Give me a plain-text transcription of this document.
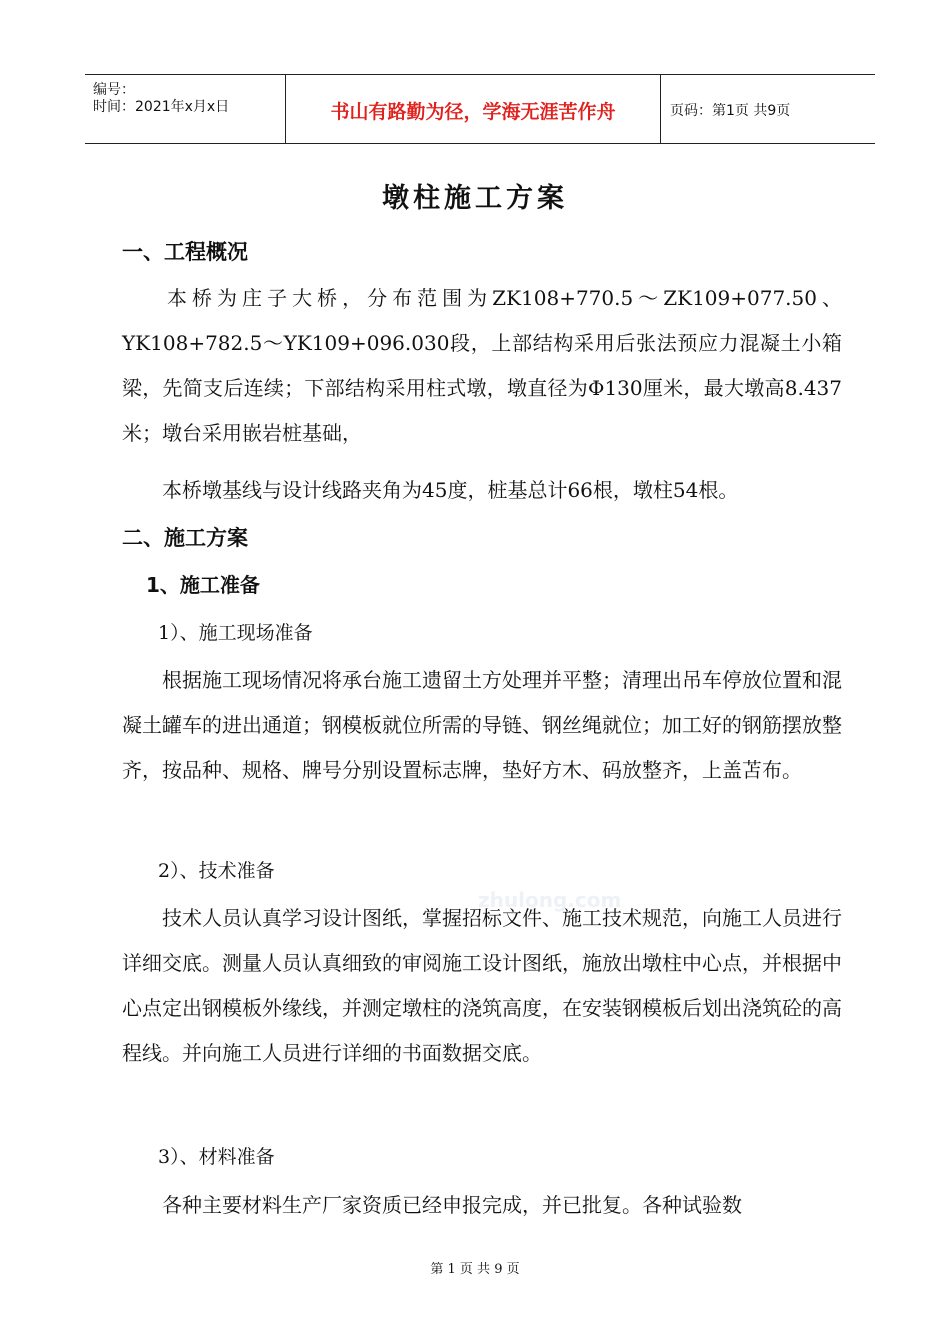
编号：
时间：2021年x月x日	书山有路勤为径，学海无涯苦作舟	页码：第1页 共9页
墩柱施工方案
一、工程概况

本桥为庄子大桥，分布范围为ZK108+770.5～ZK109+077.50、YK108+782.5～YK109+096.030段，上部结构采用后张法预应力混凝土小箱梁，先简支后连续；下部结构采用柱式墩，墩直径为Φ130厘米，最大墩高8.437米；墩台采用嵌岩桩基础，

本桥墩基线与设计线路夹角为45度，桩基总计66根，墩柱54根。

二、施工方案
1、施工准备
1）、施工现场准备

根据施工现场情况将承台施工遗留土方处理并平整；清理出吊车停放位置和混凝土罐车的进出通道；钢模板就位所需的导链、钢丝绳就位；加工好的钢筋摆放整齐，按品种、规格、牌号分别设置标志牌，垫好方木、码放整齐，上盖苫布。

2）、技术准备
zhulong.com

技术人员认真学习设计图纸，掌握招标文件、施工技术规范，向施工人员进行详细交底。测量人员认真细致的审阅施工设计图纸，施放出墩柱中心点，并根据中心点定出钢模板外缘线，并测定墩柱的浇筑高度，在安装钢模板后划出浇筑砼的高程线。并向施工人员进行详细的书面数据交底。

3）、材料准备

各种主要材料生产厂家资质已经申报完成，并已批复。各种试验数

第 1 页 共 9 页
